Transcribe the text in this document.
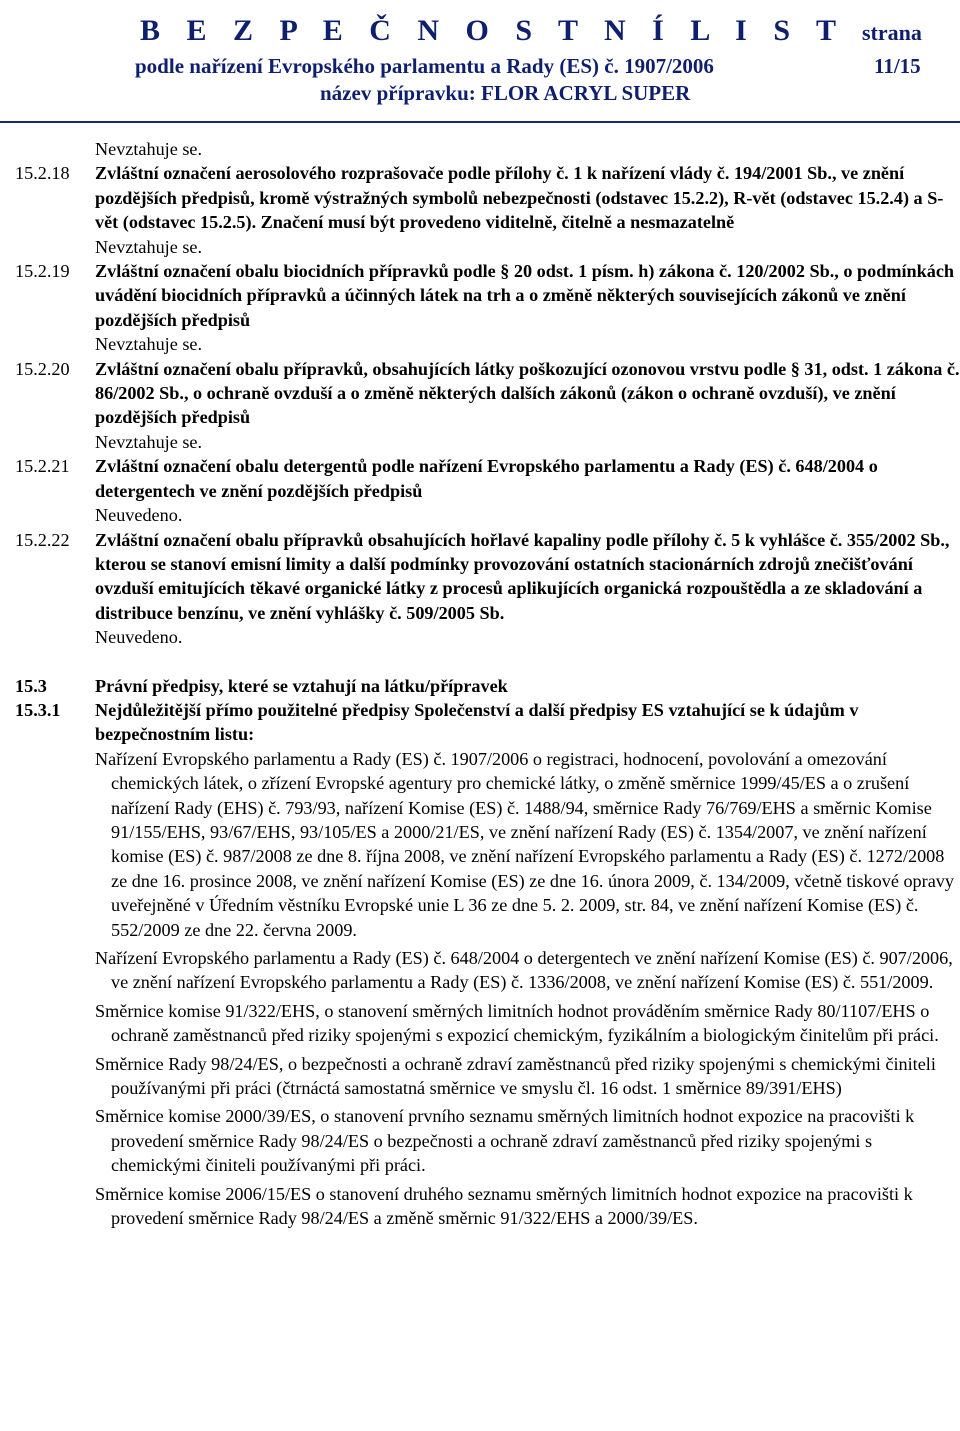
B E Z P E Č N O S T N Í L I S T strana
podle nařízení Evropského parlamentu a Rady (ES) č. 1907/2006	11/15
název přípravku: FLOR ACRYL SUPER
Nevztahuje se.
15.2.18	Zvláštní označení aerosolového rozprašovače podle přílohy č. 1 k nařízení vlády č. 194/2001 Sb., ve znění pozdějších předpisů, kromě výstražných symbolů nebezpečnosti (odstavec 15.2.2), R-vět (odstavec 15.2.4) a S-vět (odstavec 15.2.5). Značení musí být provedeno viditelně, čitelně a nesmazatelně
Nevztahuje se.
15.2.19	Zvláštní označení obalu biocidních přípravků podle § 20 odst. 1 písm. h) zákona č. 120/2002 Sb., o podmínkách uvádění biocidních přípravků a účinných látek na trh a o změně některých souvisejících zákonů ve znění pozdějších předpisů
Nevztahuje se.
15.2.20	Zvláštní označení obalu přípravků, obsahujících látky poškozující ozonovou vrstvu podle § 31, odst. 1 zákona č. 86/2002 Sb., o ochraně ovzduší a o změně některých dalších zákonů (zákon o ochraně ovzduší), ve znění pozdějších předpisů
Nevztahuje se.
15.2.21	Zvláštní označení obalu detergentů podle nařízení Evropského parlamentu a Rady (ES) č. 648/2004 o detergentech ve znění pozdějších předpisů
Neuvedeno.
15.2.22	Zvláštní označení obalu přípravků obsahujících hořlavé kapaliny podle přílohy č. 5 k vyhlášce č. 355/2002 Sb., kterou se stanoví emisní limity a další podmínky provozování ostatních stacionárních zdrojů znečišťování ovzduší emitujících těkavé organické látky z procesů aplikujících organická rozpouštědla a ze skladování a distribuce benzínu, ve znění vyhlášky č. 509/2005 Sb.
Neuvedeno.
15.3	Právní předpisy, které se vztahují na látku/přípravek
15.3.1	Nejdůležitější přímo použitelné předpisy Společenství a další předpisy ES vztahující se k údajům v bezpečnostním listu:

Nařízení Evropského parlamentu a Rady (ES) č. 1907/2006 o registraci, hodnocení, povolování a omezování chemických látek, o zřízení Evropské agentury pro chemické látky, o změně směrnice 1999/45/ES a o zrušení nařízení Rady (EHS) č. 793/93, nařízení Komise (ES) č. 1488/94, směrnice Rady 76/769/EHS a směrnic Komise 91/155/EHS, 93/67/EHS, 93/105/ES a 2000/21/ES, ve znění nařízení Rady (ES) č. 1354/2007, ve znění nařízení komise (ES) č. 987/2008 ze dne 8. října 2008, ve znění nařízení Evropského parlamentu a Rady (ES) č. 1272/2008 ze dne 16. prosince 2008, ve znění nařízení Komise (ES) ze dne 16. února 2009, č. 134/2009, včetně tiskové opravy uveřejněné v Úředním věstníku Evropské unie L 36 ze dne 5. 2. 2009, str. 84, ve znění nařízení Komise (ES) č. 552/2009 ze dne 22. června 2009.

Nařízení Evropského parlamentu a Rady (ES) č. 648/2004 o detergentech ve znění nařízení Komise (ES) č. 907/2006, ve znění nařízení Evropského parlamentu a Rady (ES) č. 1336/2008, ve znění nařízení Komise (ES) č. 551/2009.

Směrnice komise 91/322/EHS, o stanovení směrných limitních hodnot prováděním směrnice Rady 80/1107/EHS o ochraně zaměstnanců před riziky spojenými s expozicí chemickým, fyzikálním a biologickým činitelům při práci.

Směrnice Rady 98/24/ES, o bezpečnosti a ochraně zdraví zaměstnanců před riziky spojenými s chemickými činiteli používanými při práci (čtrnáctá samostatná směrnice ve smyslu čl. 16 odst. 1 směrnice 89/391/EHS)

Směrnice komise 2000/39/ES, o stanovení prvního seznamu směrných limitních hodnot expozice na pracovišti k provedení směrnice Rady 98/24/ES o bezpečnosti a ochraně zdraví zaměstnanců před riziky spojenými s chemickými činiteli používanými při práci.

Směrnice komise 2006/15/ES o stanovení druhého seznamu směrných limitních hodnot expozice na pracovišti k provedení směrnice Rady 98/24/ES a změně směrnic 91/322/EHS a 2000/39/ES.
